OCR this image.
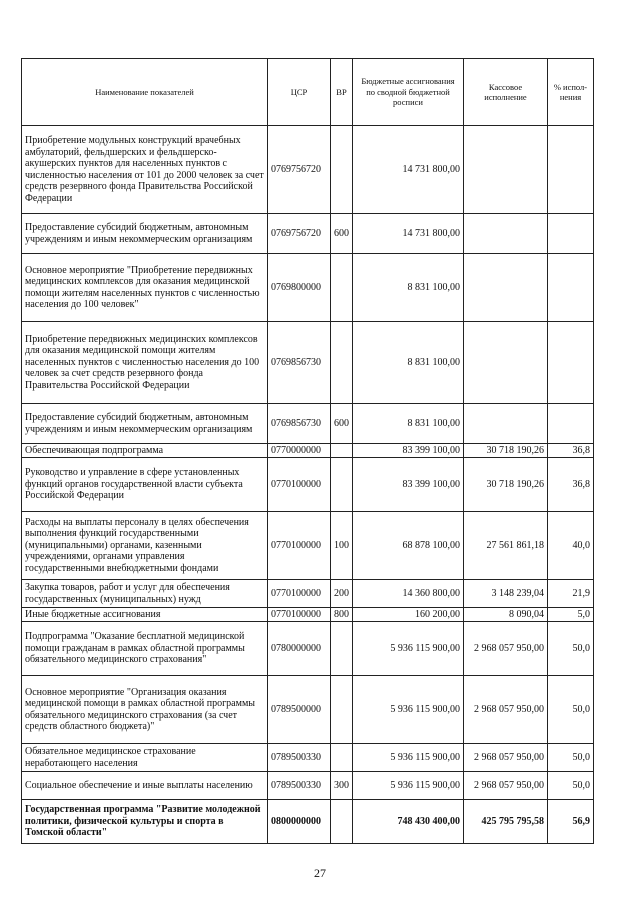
Наименование показателей	ЦСР	ВР	Бюджетные ассигнования по сводной бюджетной росписи	Кассовое исполнение	% испол-нения
Приобретение модульных конструкций врачебных амбулаторий, фельдшерских и фельдшерско-акушерских пунктов для населенных пунктов с численностью населения от 101 до 2000 человек за счет средств резервного фонда Правительства Российской Федерации	0769756720		14 731 800,00		
Предоставление субсидий бюджетным, автономным учреждениям и иным некоммерческим организациям	0769756720	600	14 731 800,00		
Основное мероприятие "Приобретение передвижных медицинских комплексов для оказания медицинской помощи жителям населенных пунктов с численностью населения до 100 человек"	0769800000		8 831 100,00		
Приобретение передвижных медицинских комплексов для оказания медицинской помощи жителям населенных пунктов с численностью населения до 100 человек за счет средств резервного фонда Правительства Российской Федерации	0769856730		8 831 100,00		
Предоставление субсидий бюджетным, автономным учреждениям и иным некоммерческим организациям	0769856730	600	8 831 100,00		
Обеспечивающая подпрограмма	0770000000		83 399 100,00	30 718 190,26	36,8
Руководство и управление в сфере установленных функций органов государственной власти субъекта Российской Федерации	0770100000		83 399 100,00	30 718 190,26	36,8
Расходы на выплаты персоналу в целях обеспечения выполнения функций государственными (муниципальными) органами, казенными учреждениями, органами управления государственными внебюджетными фондами	0770100000	100	68 878 100,00	27 561 861,18	40,0
Закупка товаров, работ и услуг для обеспечения государственных (муниципальных) нужд	0770100000	200	14 360 800,00	3 148 239,04	21,9
Иные бюджетные ассигнования	0770100000	800	160 200,00	8 090,04	5,0
Подпрограмма "Оказание бесплатной медицинской помощи гражданам в рамках областной программы обязательного медицинского страхования"	0780000000		5 936 115 900,00	2 968 057 950,00	50,0
Основное мероприятие "Организация оказания медицинской помощи в рамках областной программы обязательного медицинского страхования (за счет средств областного бюджета)"	0789500000		5 936 115 900,00	2 968 057 950,00	50,0
Обязательное медицинское страхование неработающего населения	0789500330		5 936 115 900,00	2 968 057 950,00	50,0
Социальное обеспечение и иные выплаты населению	0789500330	300	5 936 115 900,00	2 968 057 950,00	50,0
Государственная программа "Развитие молодежной политики, физической культуры и спорта в Томской области"	0800000000		748 430 400,00	425 795 795,58	56,9
27
